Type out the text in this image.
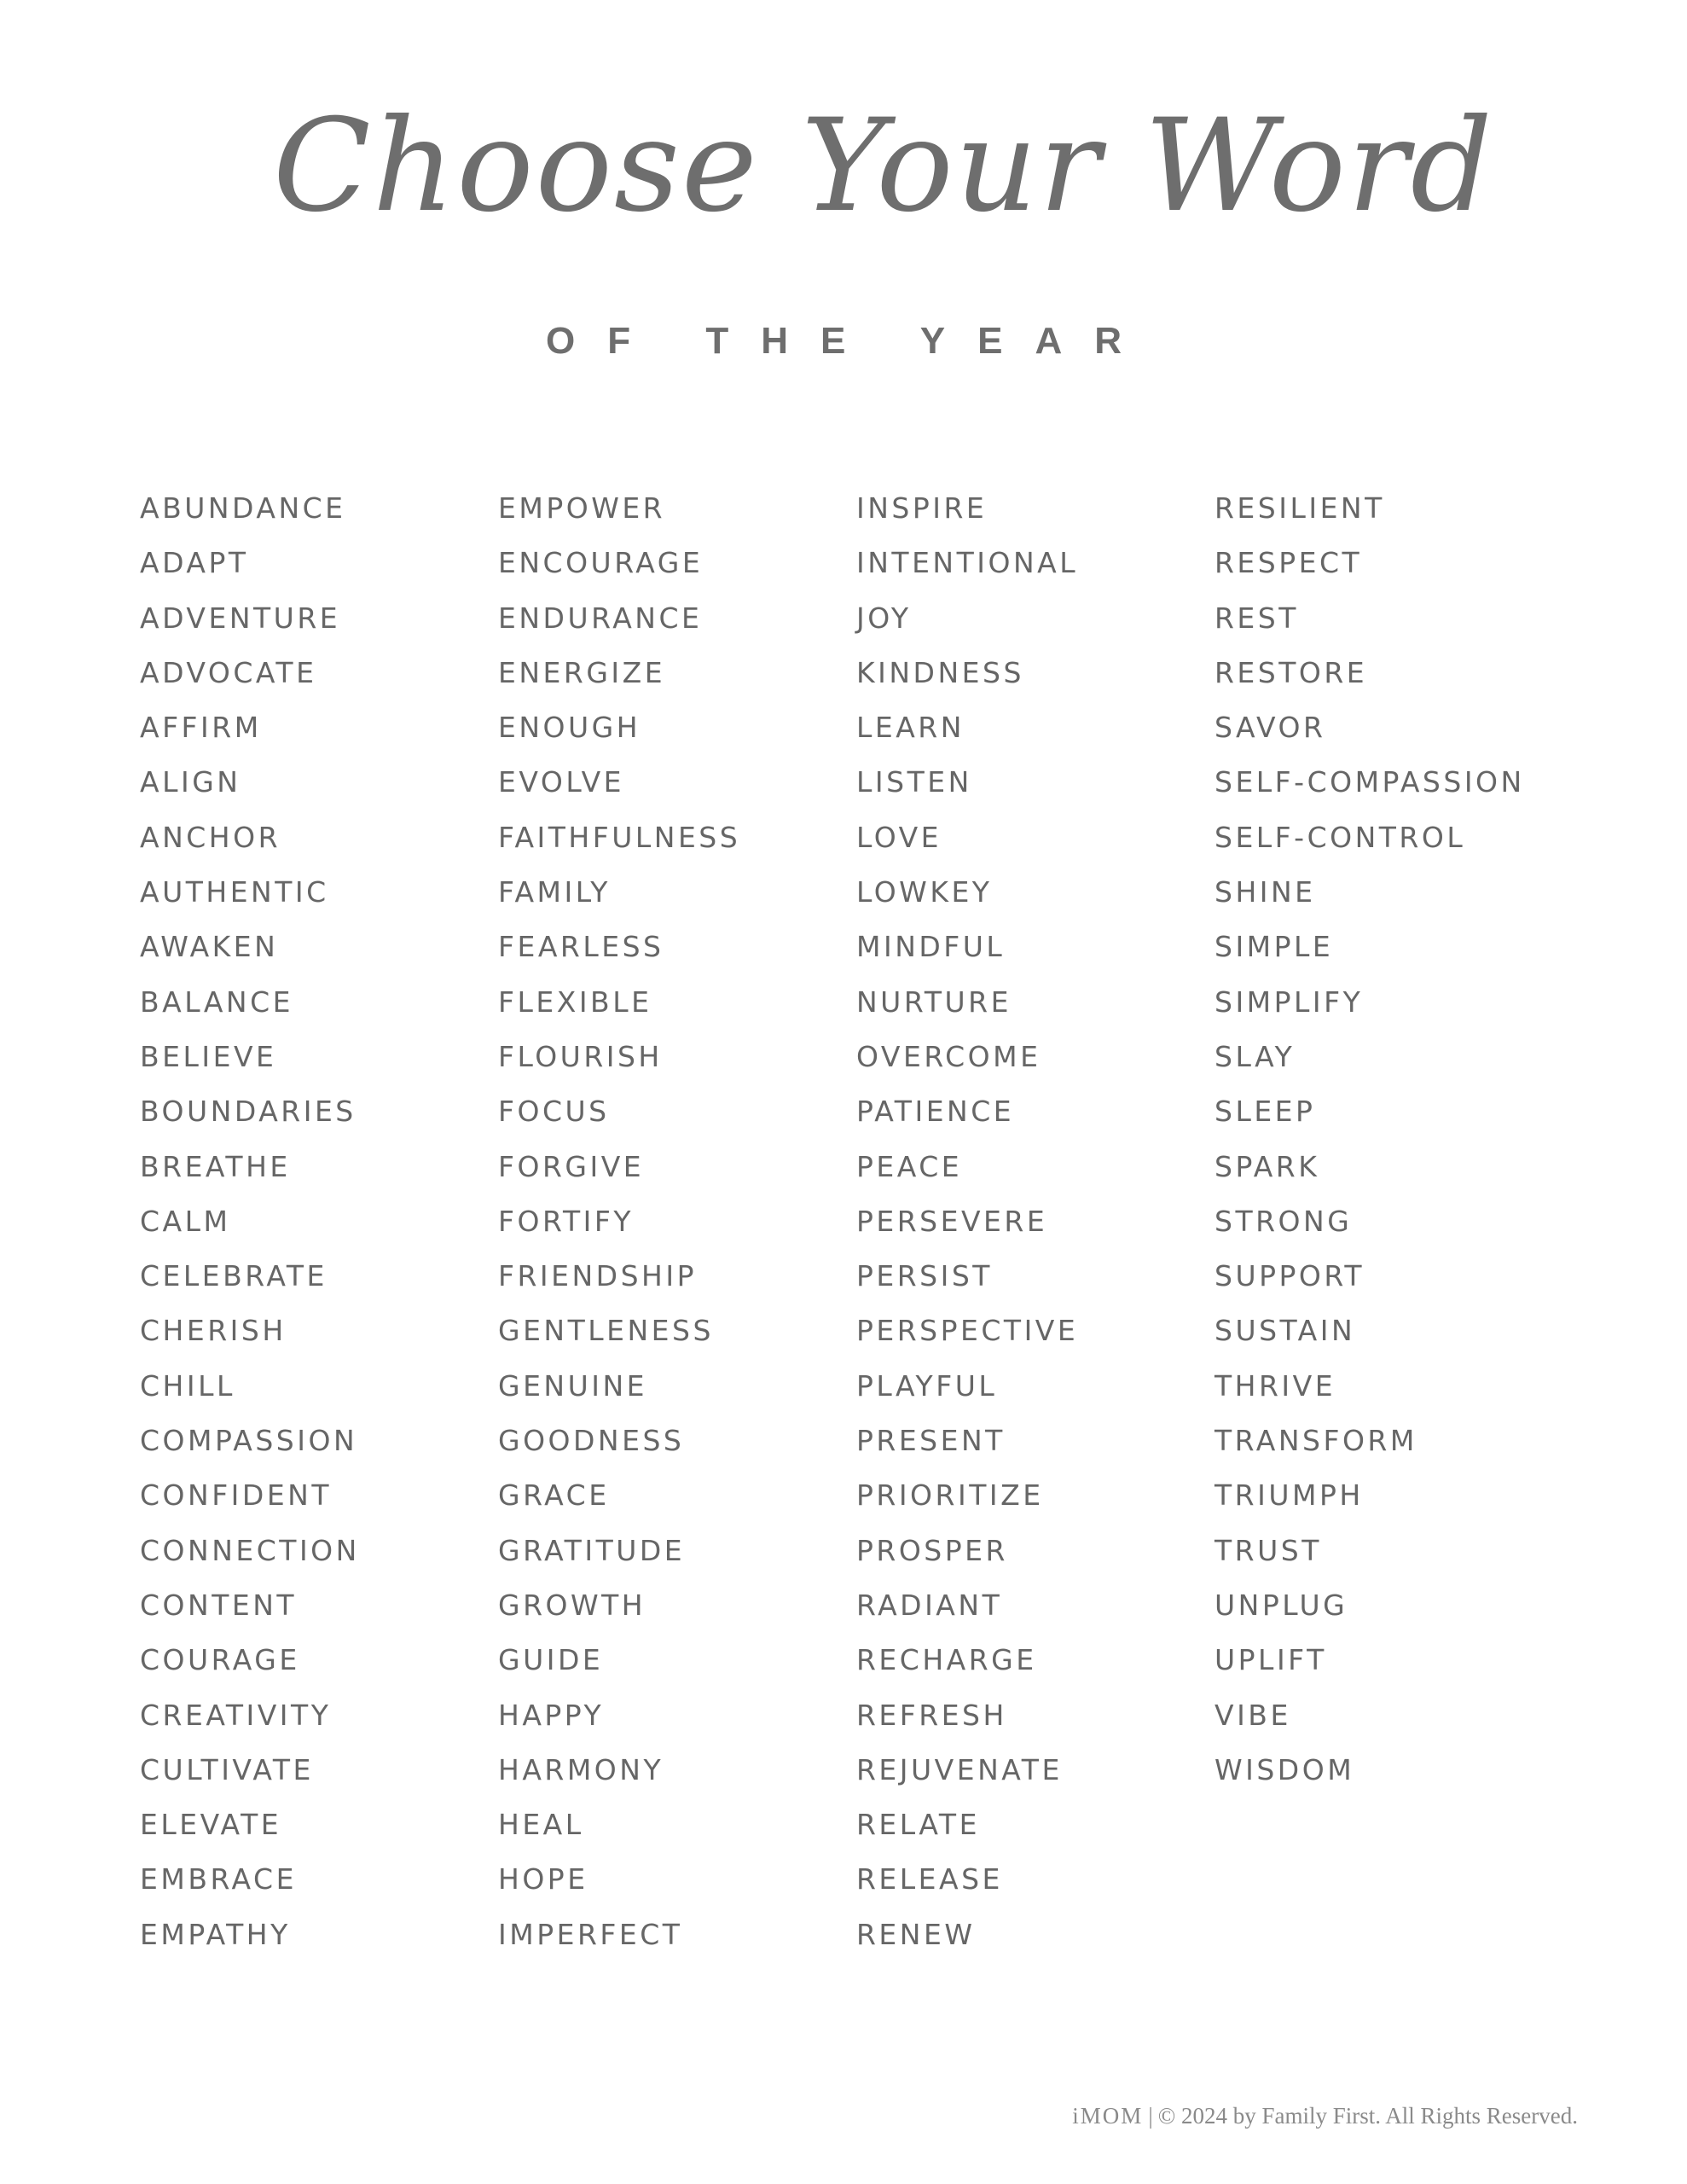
Choose Your Word
OF THE YEAR
ABUNDANCE
ADAPT
ADVENTURE
ADVOCATE
AFFIRM
ALIGN
ANCHOR
AUTHENTIC
AWAKEN
BALANCE
BELIEVE
BOUNDARIES
BREATHE
CALM
CELEBRATE
CHERISH
CHILL
COMPASSION
CONFIDENT
CONNECTION
CONTENT
COURAGE
CREATIVITY
CULTIVATE
ELEVATE
EMBRACE
EMPATHY
EMPOWER
ENCOURAGE
ENDURANCE
ENERGIZE
ENOUGH
EVOLVE
FAITHFULNESS
FAMILY
FEARLESS
FLEXIBLE
FLOURISH
FOCUS
FORGIVE
FORTIFY
FRIENDSHIP
GENTLENESS
GENUINE
GOODNESS
GRACE
GRATITUDE
GROWTH
GUIDE
HAPPY
HARMONY
HEAL
HOPE
IMPERFECT
INSPIRE
INTENTIONAL
JOY
KINDNESS
LEARN
LISTEN
LOVE
LOWKEY
MINDFUL
NURTURE
OVERCOME
PATIENCE
PEACE
PERSEVERE
PERSIST
PERSPECTIVE
PLAYFUL
PRESENT
PRIORITIZE
PROSPER
RADIANT
RECHARGE
REFRESH
REJUVENATE
RELATE
RELEASE
RENEW
RESILIENT
RESPECT
REST
RESTORE
SAVOR
SELF-COMPASSION
SELF-CONTROL
SHINE
SIMPLE
SIMPLIFY
SLAY
SLEEP
SPARK
STRONG
SUPPORT
SUSTAIN
THRIVE
TRANSFORM
TRIUMPH
TRUST
UNPLUG
UPLIFT
VIBE
WISDOM
iMOM | © 2024 by Family First. All Rights Reserved.
